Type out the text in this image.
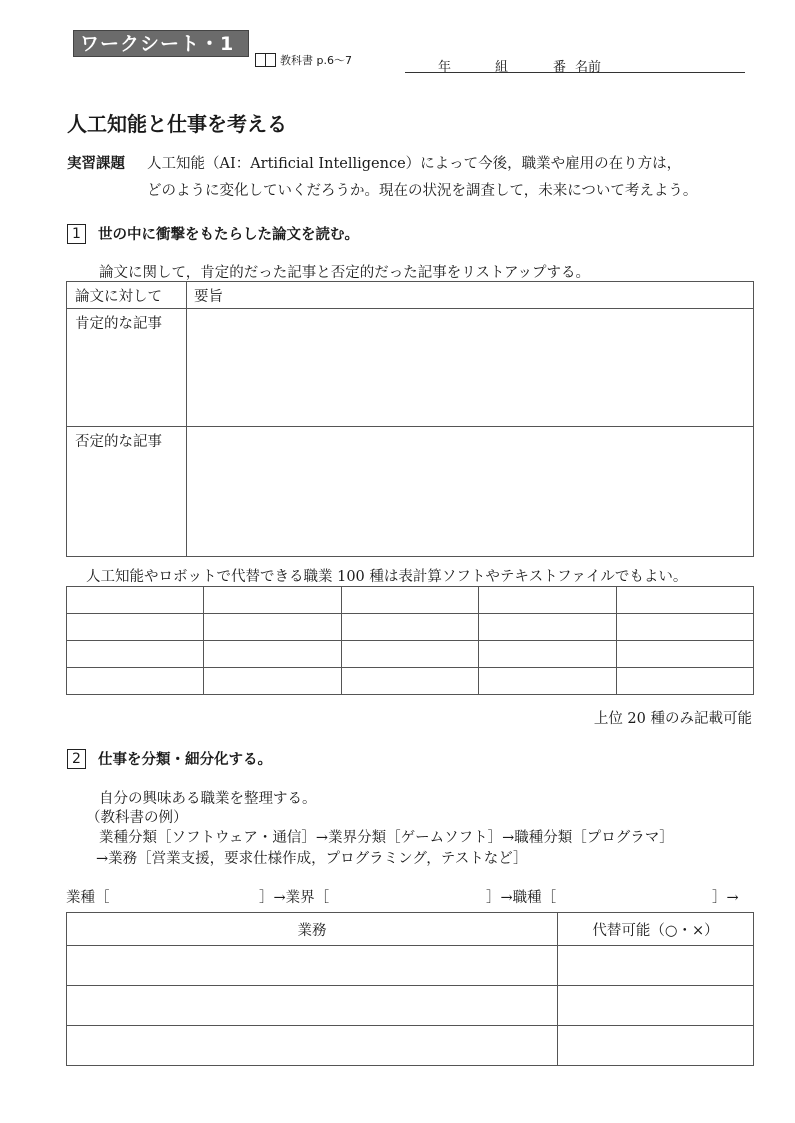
ワークシート・1
教科書 p.6～7	年	組	番 名前
人工知能と仕事を考える
実習課題 人工知能（AI：Artificial Intelligence）によって今後，職業や雇用の在り方は，
どのように変化していくだろうか。現在の状況を調査して，未来について考えよう。
1	世の中に衝撃をもたらした論文を読む。
論文に関して，肯定的だった記事と否定的だった記事をリストアップする。
論文に対して	要旨
肯定的な記事	
否定的な記事	
人工知能やロボットで代替できる職業 100 種は表計算ソフトやテキストファイルでもよい。

上位 20 種のみ記載可能
2	仕事を分類・細分化する。
自分の興味ある職業を整理する。
（教科書の例）
業種分類［ソフトウェア・通信］→業界分類［ゲームソフト］→職種分類［プログラマ］
→業務［営業支援，要求仕様作成，プログラミング，テストなど］
業種［	］→業界［	］→職種［	］→
業務	代替可能（○・×）
